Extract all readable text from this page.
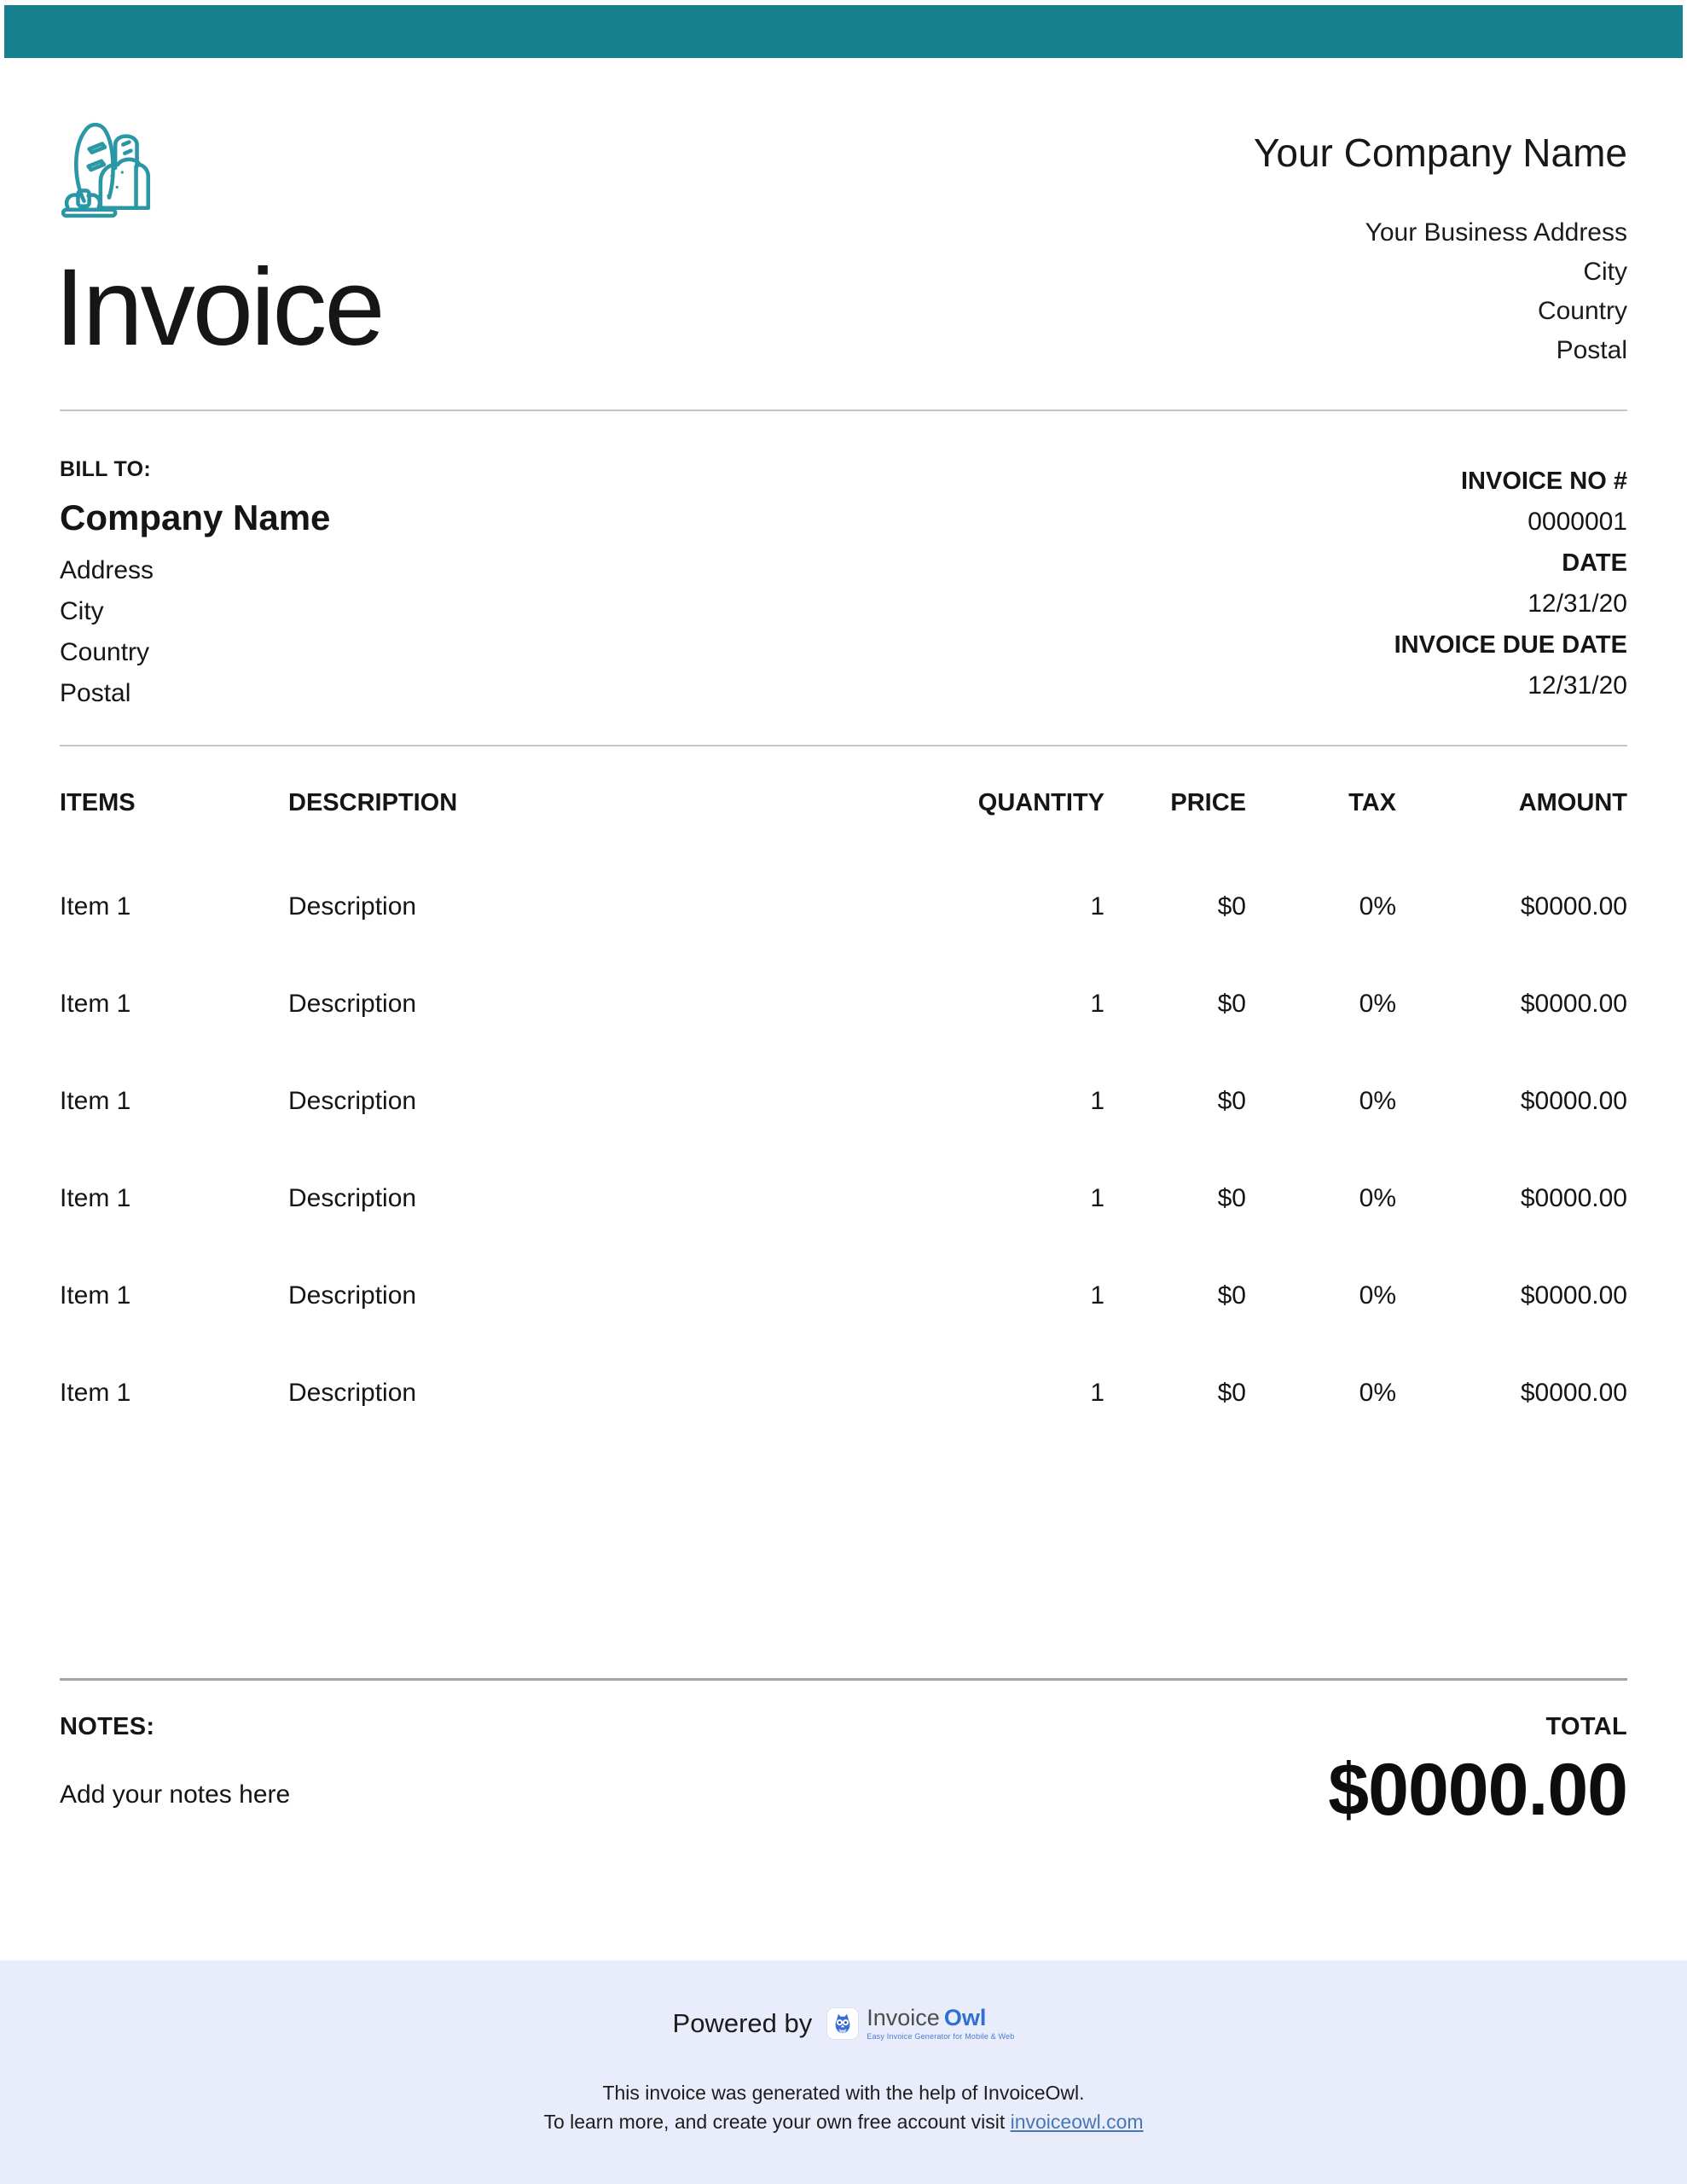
Invoice
Your Company Name
Your Business Address
City
Country
Postal
BILL TO:
Company Name
Address
City
Country
Postal
INVOICE NO #
0000001
DATE
12/31/20
INVOICE DUE DATE
12/31/20
ITEMS	DESCRIPTION	QUANTITY	PRICE	TAX	AMOUNT
Item 1	Description	1	$0	0%	$0000.00
Item 1	Description	1	$0	0%	$0000.00
Item 1	Description	1	$0	0%	$0000.00
Item 1	Description	1	$0	0%	$0000.00
Item 1	Description	1	$0	0%	$0000.00
Item 1	Description	1	$0	0%	$0000.00
NOTES:
Add your notes here
TOTAL
$0000.00
Powered by Invoice Owl
Easy Invoice Generator for Mobile & Web
This invoice was generated with the help of InvoiceOwl.
To learn more, and create your own free account visit invoiceowl.com
